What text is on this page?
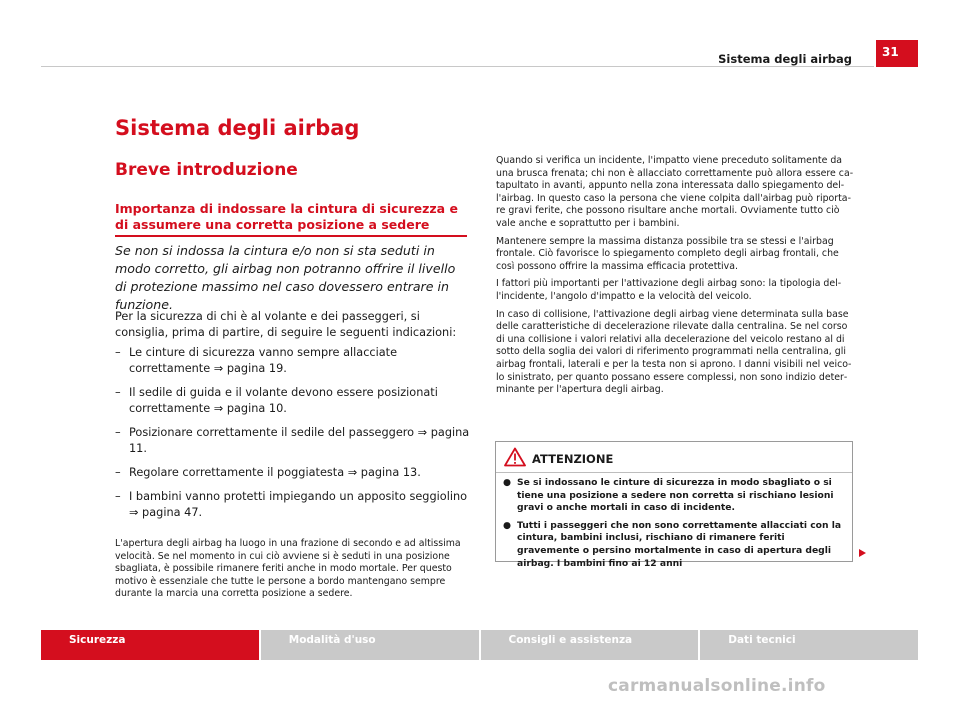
Sistema degli airbag	31
Sistema degli airbag
Breve introduzione
Importanza di indossare la cintura di sicurezza e di assumere una corretta posizione a sedere

Se non si indossa la cintura e/o non si sta seduti in modo corretto, gli airbag non potranno offrire il livello di protezione massimo nel caso dovessero entrare in funzione.

Per la sicurezza di chi è al volante e dei passeggeri, si consiglia, prima di partire, di seguire le seguenti indicazioni:

– Le cinture di sicurezza vanno sempre allacciate correttamente ⇒ pagina 19.
– Il sedile di guida e il volante devono essere posizionati correttamente ⇒ pagina 10.
– Posizionare correttamente il sedile del passeggero ⇒ pagina 11.
– Regolare correttamente il poggiatesta ⇒ pagina 13.
– I bambini vanno protetti impiegando un apposito seggiolino ⇒ pagina 47.

L'apertura degli airbag ha luogo in una frazione di secondo e ad altissima velocità. Se nel momento in cui ciò avviene si è seduti in una posizione sbagliata, è possibile rimanere feriti anche in modo mortale. Per questo motivo è essenziale che tutte le persone a bordo mantengano sempre durante la marcia una corretta posizione a sedere.

Quando si verifica un incidente, l'impatto viene preceduto solitamente da una brusca frenata; chi non è allacciato correttamente può allora essere catapultato in avanti, appunto nella zona interessata dallo spiegamento dell'airbag. In questo caso la persona che viene colpita dall'airbag può riportare gravi ferite, che possono risultare anche mortali. Ovviamente tutto ciò vale anche e soprattutto per i bambini.

Mantenere sempre la massima distanza possibile tra se stessi e l'airbag frontale. Ciò favorisce lo spiegamento completo degli airbag frontali, che così possono offrire la massima efficacia protettiva.

I fattori più importanti per l'attivazione degli airbag sono: la tipologia dell'incidente, l'angolo d'impatto e la velocità del veicolo.

In caso di collisione, l'attivazione degli airbag viene determinata sulla base delle caratteristiche di decelerazione rilevate dalla centralina. Se nel corso di una collisione i valori relativi alla decelerazione del veicolo restano al di sotto della soglia dei valori di riferimento programmati nella centralina, gli airbag frontali, laterali e per la testa non si aprono. I danni visibili nel veicolo sinistrato, per quanto possano essere complessi, non sono indizio determinante per l'apertura degli airbag.

ATTENZIONE
● Se si indossano le cinture di sicurezza in modo sbagliato o si tiene una posizione a sedere non corretta si rischiano lesioni gravi o anche mortali in caso di incidente.
● Tutti i passeggeri che non sono correttamente allacciati con la cintura, bambini inclusi, rischiano di rimanere feriti gravemente o persino mortalmente in caso di apertura degli airbag. I bambini fino ai 12 anni
Sicurezza	Modalità d'uso	Consigli e assistenza	Dati tecnici
carmanualsonline.info
